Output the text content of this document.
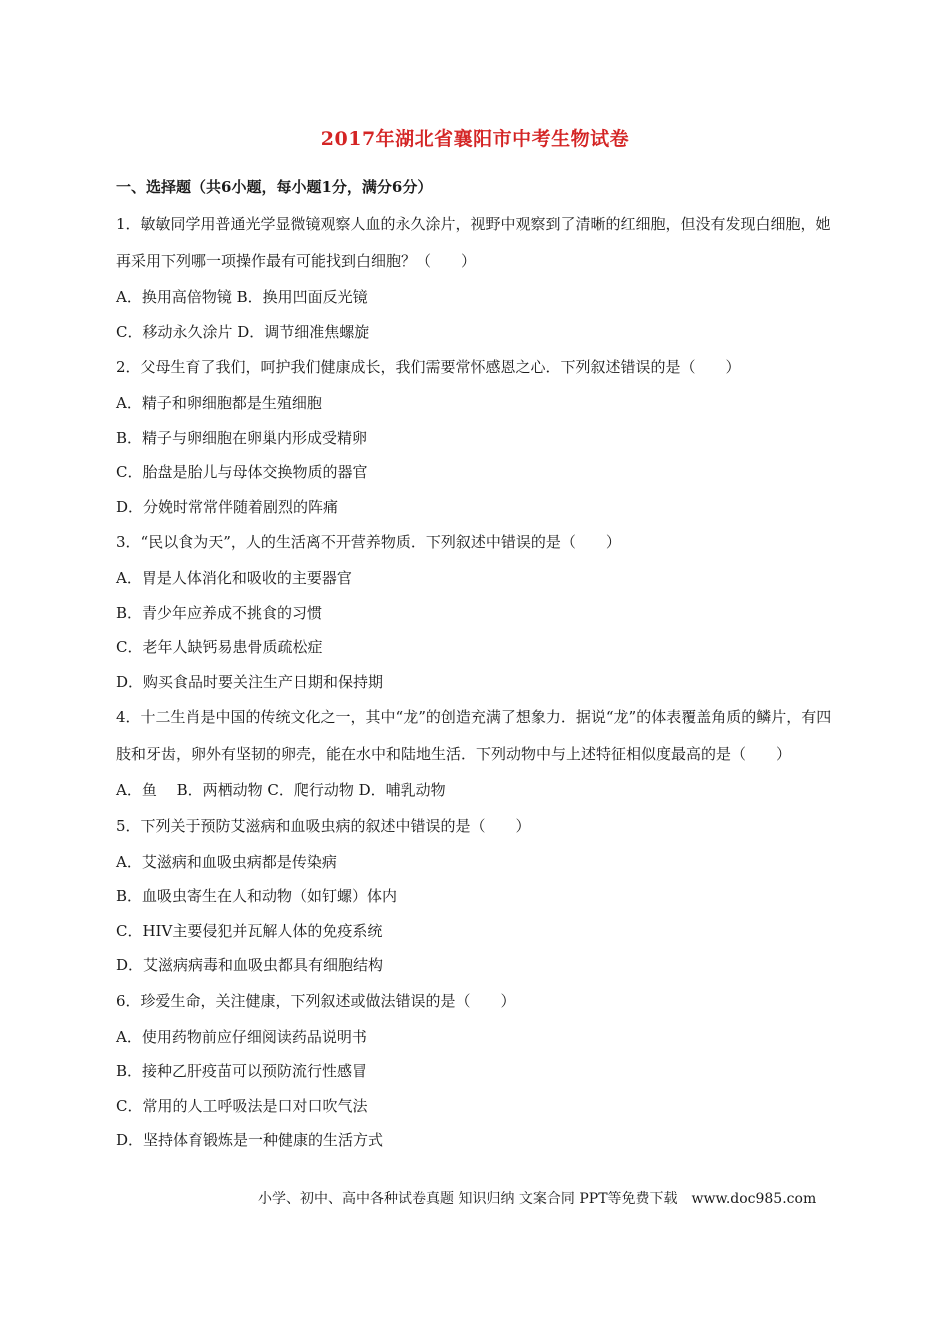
2017年湖北省襄阳市中考生物试卷
一、选择题（共6小题，每小题1分，满分6分）
1．敏敏同学用普通光学显微镜观察人血的永久涂片，视野中观察到了清晰的红细胞，但没有发现白细胞，她再采用下列哪一项操作最有可能找到白细胞？（　　）
A．换用高倍物镜 B．换用凹面反光镜
C．移动永久涂片 D．调节细准焦螺旋
2．父母生育了我们，呵护我们健康成长，我们需要常怀感恩之心．下列叙述错误的是（　　）
A．精子和卵细胞都是生殖细胞
B．精子与卵细胞在卵巢内形成受精卵
C．胎盘是胎儿与母体交换物质的器官
D．分娩时常常伴随着剧烈的阵痛
3．“民以食为天”，人的生活离不开营养物质．下列叙述中错误的是（　　）
A．胃是人体消化和吸收的主要器官
B．青少年应养成不挑食的习惯
C．老年人缺钙易患骨质疏松症
D．购买食品时要关注生产日期和保持期
4．十二生肖是中国的传统文化之一，其中“龙”的创造充满了想象力．据说“龙”的体表覆盖角质的鳞片，有四肢和牙齿，卵外有坚韧的卵壳，能在水中和陆地生活．下列动物中与上述特征相似度最高的是（　　）
A．鱼　 B．两栖动物 C．爬行动物 D．哺乳动物
5．下列关于预防艾滋病和血吸虫病的叙述中错误的是（　　）
A．艾滋病和血吸虫病都是传染病
B．血吸虫寄生在人和动物（如钉螺）体内
C．HIV主要侵犯并瓦解人体的免疫系统
D．艾滋病病毒和血吸虫都具有细胞结构
6．珍爱生命，关注健康，下列叙述或做法错误的是（　　）
A．使用药物前应仔细阅读药品说明书
B．接种乙肝疫苗可以预防流行性感冒
C．常用的人工呼吸法是口对口吹气法
D．坚持体育锻炼是一种健康的生活方式
小学、初中、高中各种试卷真题 知识归纳 文案合同 PPT等免费下载　www.doc985.com
